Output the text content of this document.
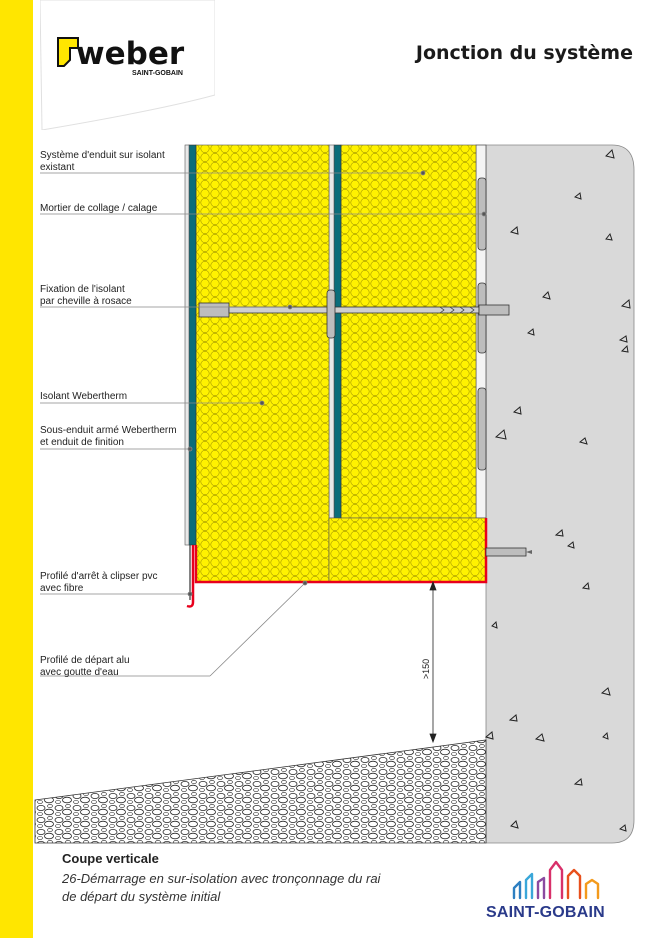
weber
SAINT-GOBAIN
Jonction du système
Système d'enduit sur isolant
existant
Mortier de collage / calage
Fixation de l'isolant
par cheville à rosace
Isolant Webertherm
Sous-enduit armé Webertherm
et enduit de finition
Profilé d'arrêt à clipser pvc
avec fibre
Profilé de départ alu
avec goutte d'eau	>150
Coupe verticale
26-Démarrage en sur-isolation avec tronçonnage du rai
de départ du système initial
SAINT-GOBAIN
